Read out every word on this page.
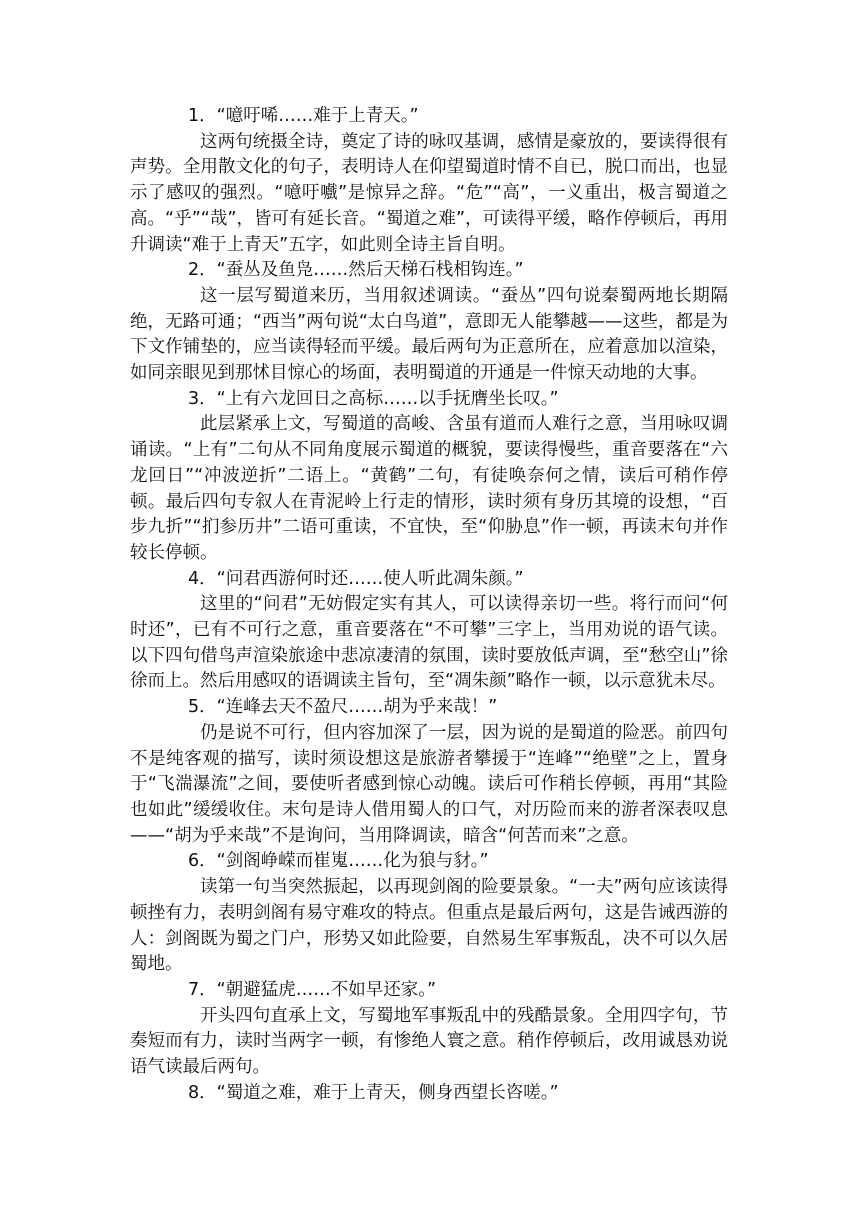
1．“噫吁唏……难于上青天。”

这两句统摄全诗，奠定了诗的咏叹基调，感情是豪放的，要读得很有声势。全用散文化的句子，表明诗人在仰望蜀道时情不自已，脱口而出，也显示了感叹的强烈。“噫吁嚱”是惊异之辞。“危”“高”，一义重出，极言蜀道之高。“乎”“哉”，皆可有延长音。“蜀道之难”，可读得平缓，略作停顿后，再用升调读“难于上青天”五字，如此则全诗主旨自明。

2．“蚕丛及鱼凫……然后天梯石栈相钩连。”

这一层写蜀道来历，当用叙述调读。“蚕丛”四句说秦蜀两地长期隔绝，无路可通；“西当”两句说“太白鸟道”，意即无人能攀越——这些，都是为下文作铺垫的，应当读得轻而平缓。最后两句为正意所在，应着意加以渲染，如同亲眼见到那怵目惊心的场面，表明蜀道的开通是一件惊天动地的大事。

3．“上有六龙回日之高标……以手抚膺坐长叹。”

此层紧承上文，写蜀道的高峻、含虽有道而人难行之意，当用咏叹调诵读。“上有”二句从不同角度展示蜀道的概貌，要读得慢些，重音要落在“六龙回日”“冲波逆折”二语上。“黄鹤”二句，有徒唤奈何之情，读后可稍作停顿。最后四句专叙人在青泥岭上行走的情形，读时须有身历其境的设想，“百步九折”“扪参历井”二语可重读，不宜快，至“仰胁息”作一顿，再读末句并作较长停顿。

4．“问君西游何时还……使人听此凋朱颜。”

这里的“问君”无妨假定实有其人，可以读得亲切一些。将行而问“何时还”，已有不可行之意，重音要落在“不可攀”三字上，当用劝说的语气读。以下四句借鸟声渲染旅途中悲凉凄清的氛围，读时要放低声调，至“愁空山”徐徐而上。然后用感叹的语调读主旨句，至“凋朱颜”略作一顿，以示意犹未尽。

5．“连峰去天不盈尺……胡为乎来哉！”

仍是说不可行，但内容加深了一层，因为说的是蜀道的险恶。前四句不是纯客观的描写，读时须设想这是旅游者攀援于“连峰”“绝壁”之上，置身于“飞湍瀑流”之间，要使听者感到惊心动魄。读后可作稍长停顿，再用“其险也如此”缓缓收住。末句是诗人借用蜀人的口气，对历险而来的游者深表叹息——“胡为乎来哉”不是询问，当用降调读，暗含“何苦而来”之意。

6．“剑阁峥嵘而崔嵬……化为狼与豺。”

读第一句当突然振起，以再现剑阁的险要景象。“一夫”两句应该读得顿挫有力，表明剑阁有易守难攻的特点。但重点是最后两句，这是告诫西游的人：剑阁既为蜀之门户，形势又如此险要，自然易生军事叛乱，决不可以久居蜀地。

7．“朝避猛虎……不如早还家。”

开头四句直承上文，写蜀地军事叛乱中的残酷景象。全用四字句，节奏短而有力，读时当两字一顿，有惨绝人寰之意。稍作停顿后，改用诚恳劝说语气读最后两句。

8．“蜀道之难，难于上青天，侧身西望长咨嗟。”
